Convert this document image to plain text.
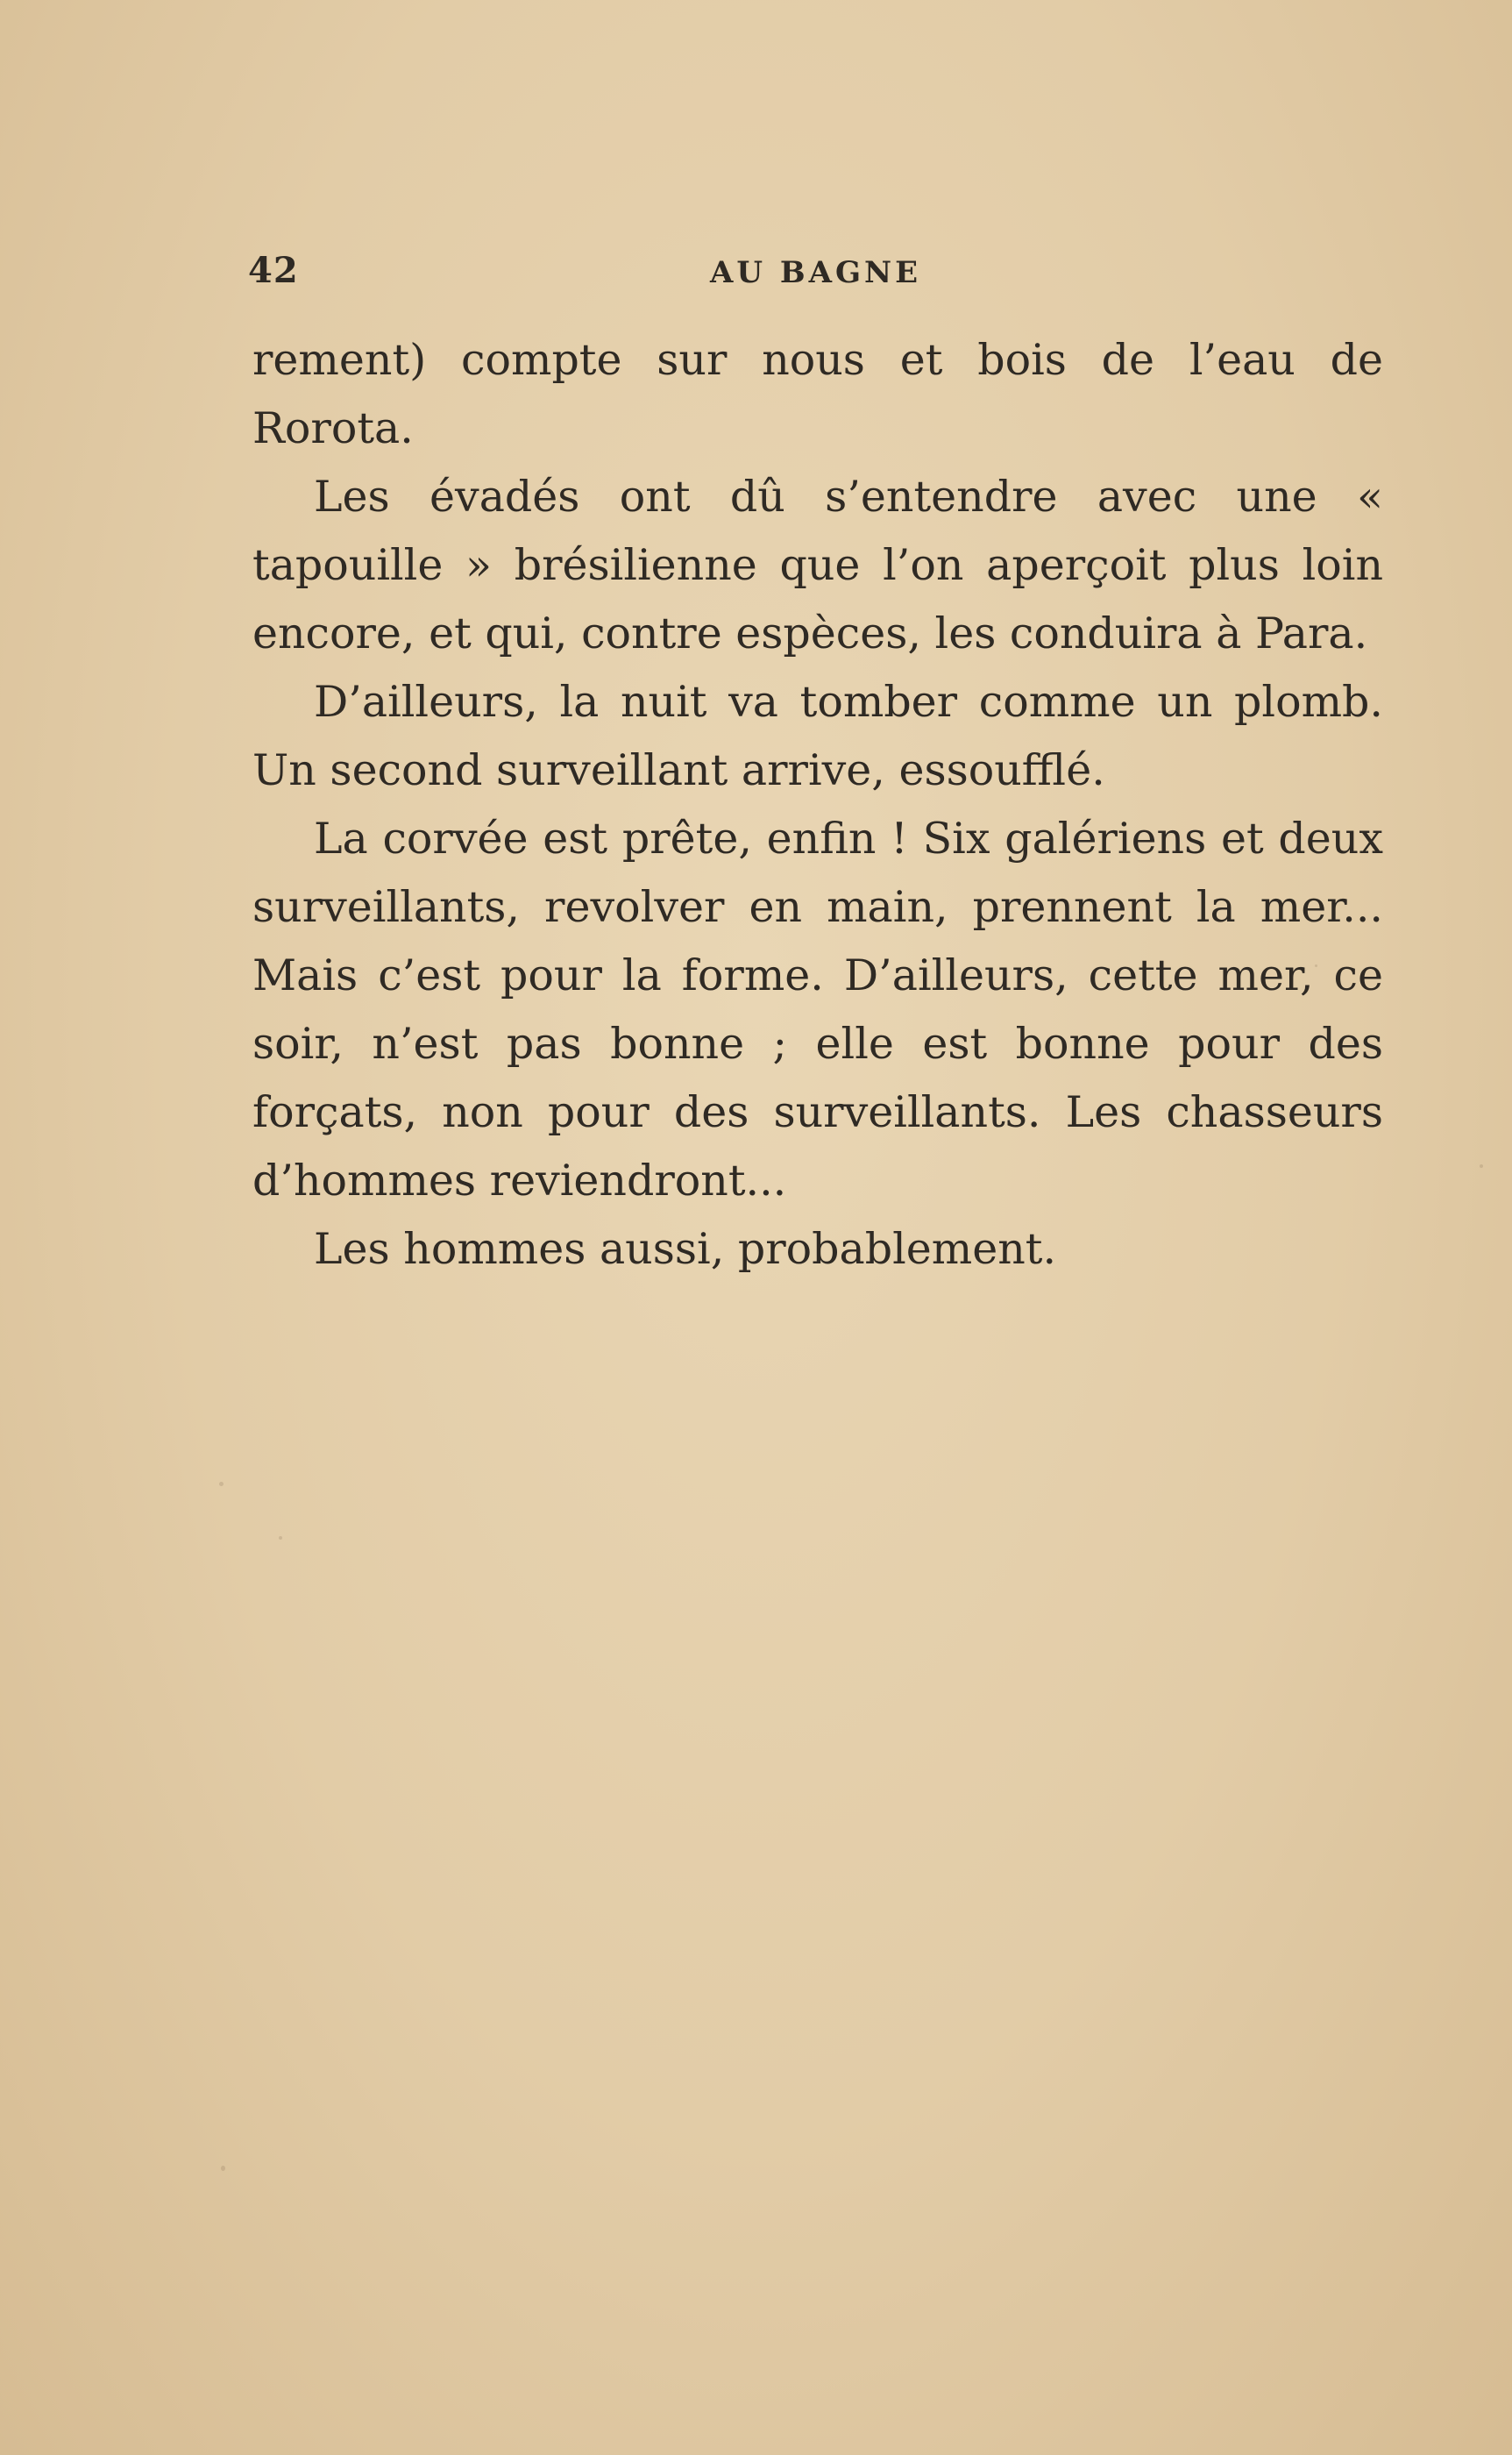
42	AU BAGNE

rement) compte sur nous et bois de l’eau de Rorota.

Les évadés ont dû s’entendre avec une « tapouille » brésilienne que l’on aperçoit plus loin encore, et qui, contre espèces, les conduira à Para.

D’ailleurs, la nuit va tomber comme un plomb. Un second surveillant arrive, essoufflé.

La corvée est prête, enfin ! Six galériens et deux surveillants, revolver en main, prennent la mer... Mais c’est pour la forme. D’ailleurs, cette mer, ce soir, n’est pas bonne ; elle est bonne pour des forçats, non pour des surveillants. Les chasseurs d’hommes reviendront...

Les hommes aussi, probablement.
